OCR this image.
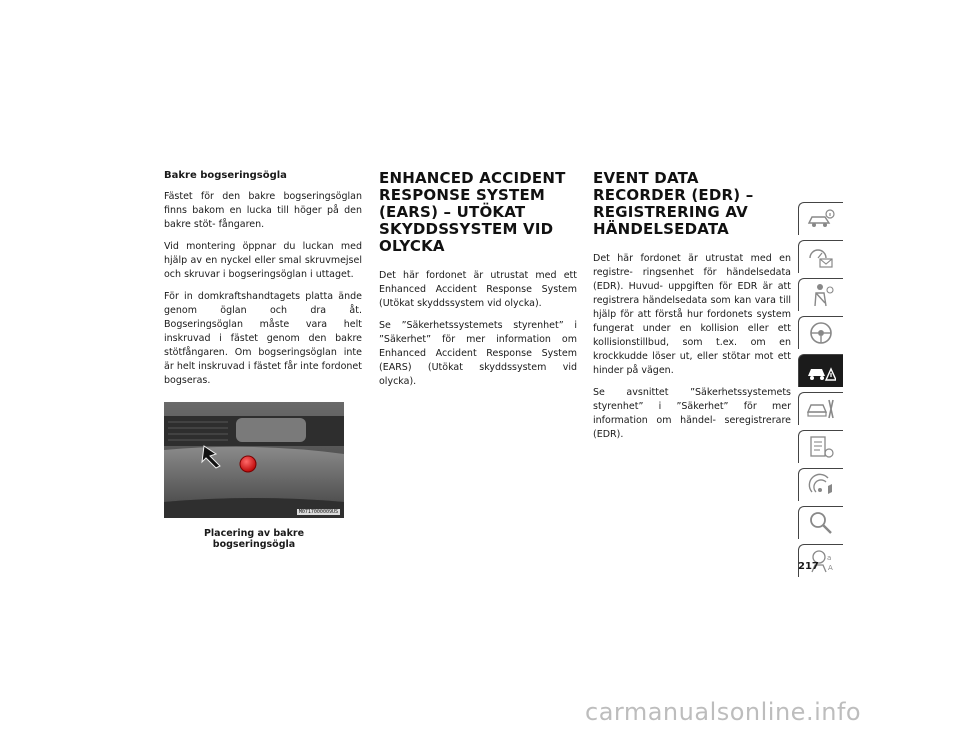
Bakre bogseringsögla

Fästet för den bakre bogseringsöglan finns bakom en lucka till höger på den bakre stöt- fångaren.

Vid montering öppnar du luckan med hjälp av en nyckel eller smal skruvmejsel och skruvar i bogseringsöglan i uttaget.

För in domkraftshandtagets platta ände genom öglan och dra åt. Bogseringsöglan måste vara helt inskruvad i fästet genom den bakre stötfångaren. Om bogseringsöglan inte är helt inskruvad i fästet får inte fordonet bogseras.

M0717000009US
Placering av bakre bogseringsögla
ENHANCED ACCIDENT RESPONSE SYSTEM (EARS) – UTÖKAT SKYDDSSYSTEM VID OLYCKA

Det här fordonet är utrustat med ett Enhanced Accident Response System (Utökat skyddssystem vid olycka).

Se ”Säkerhetssystemets styrenhet” i ”Säkerhet” för mer information om Enhanced Accident Response System (EARS) (Utökat skyddssystem vid olycka).

EVENT DATA RECORDER (EDR) – REGISTRERING AV HÄNDELSEDATA

Det här fordonet är utrustat med en registre- ringsenhet för händelsedata (EDR). Huvud- uppgiften för EDR är att registrera händelsedata som kan vara till hjälp för att förstå hur fordonets system fungerat under en kollision eller ett kollisionstillbud, som t.ex. om en krockkudde löser ut, eller stötar mot ett hinder på vägen.

Se avsnittet ”Säkerhetssystemets styrenhet” i ”Säkerhet” för mer information om händel- seregistrerare (EDR).

a
A
217
carmanualsonline.info
